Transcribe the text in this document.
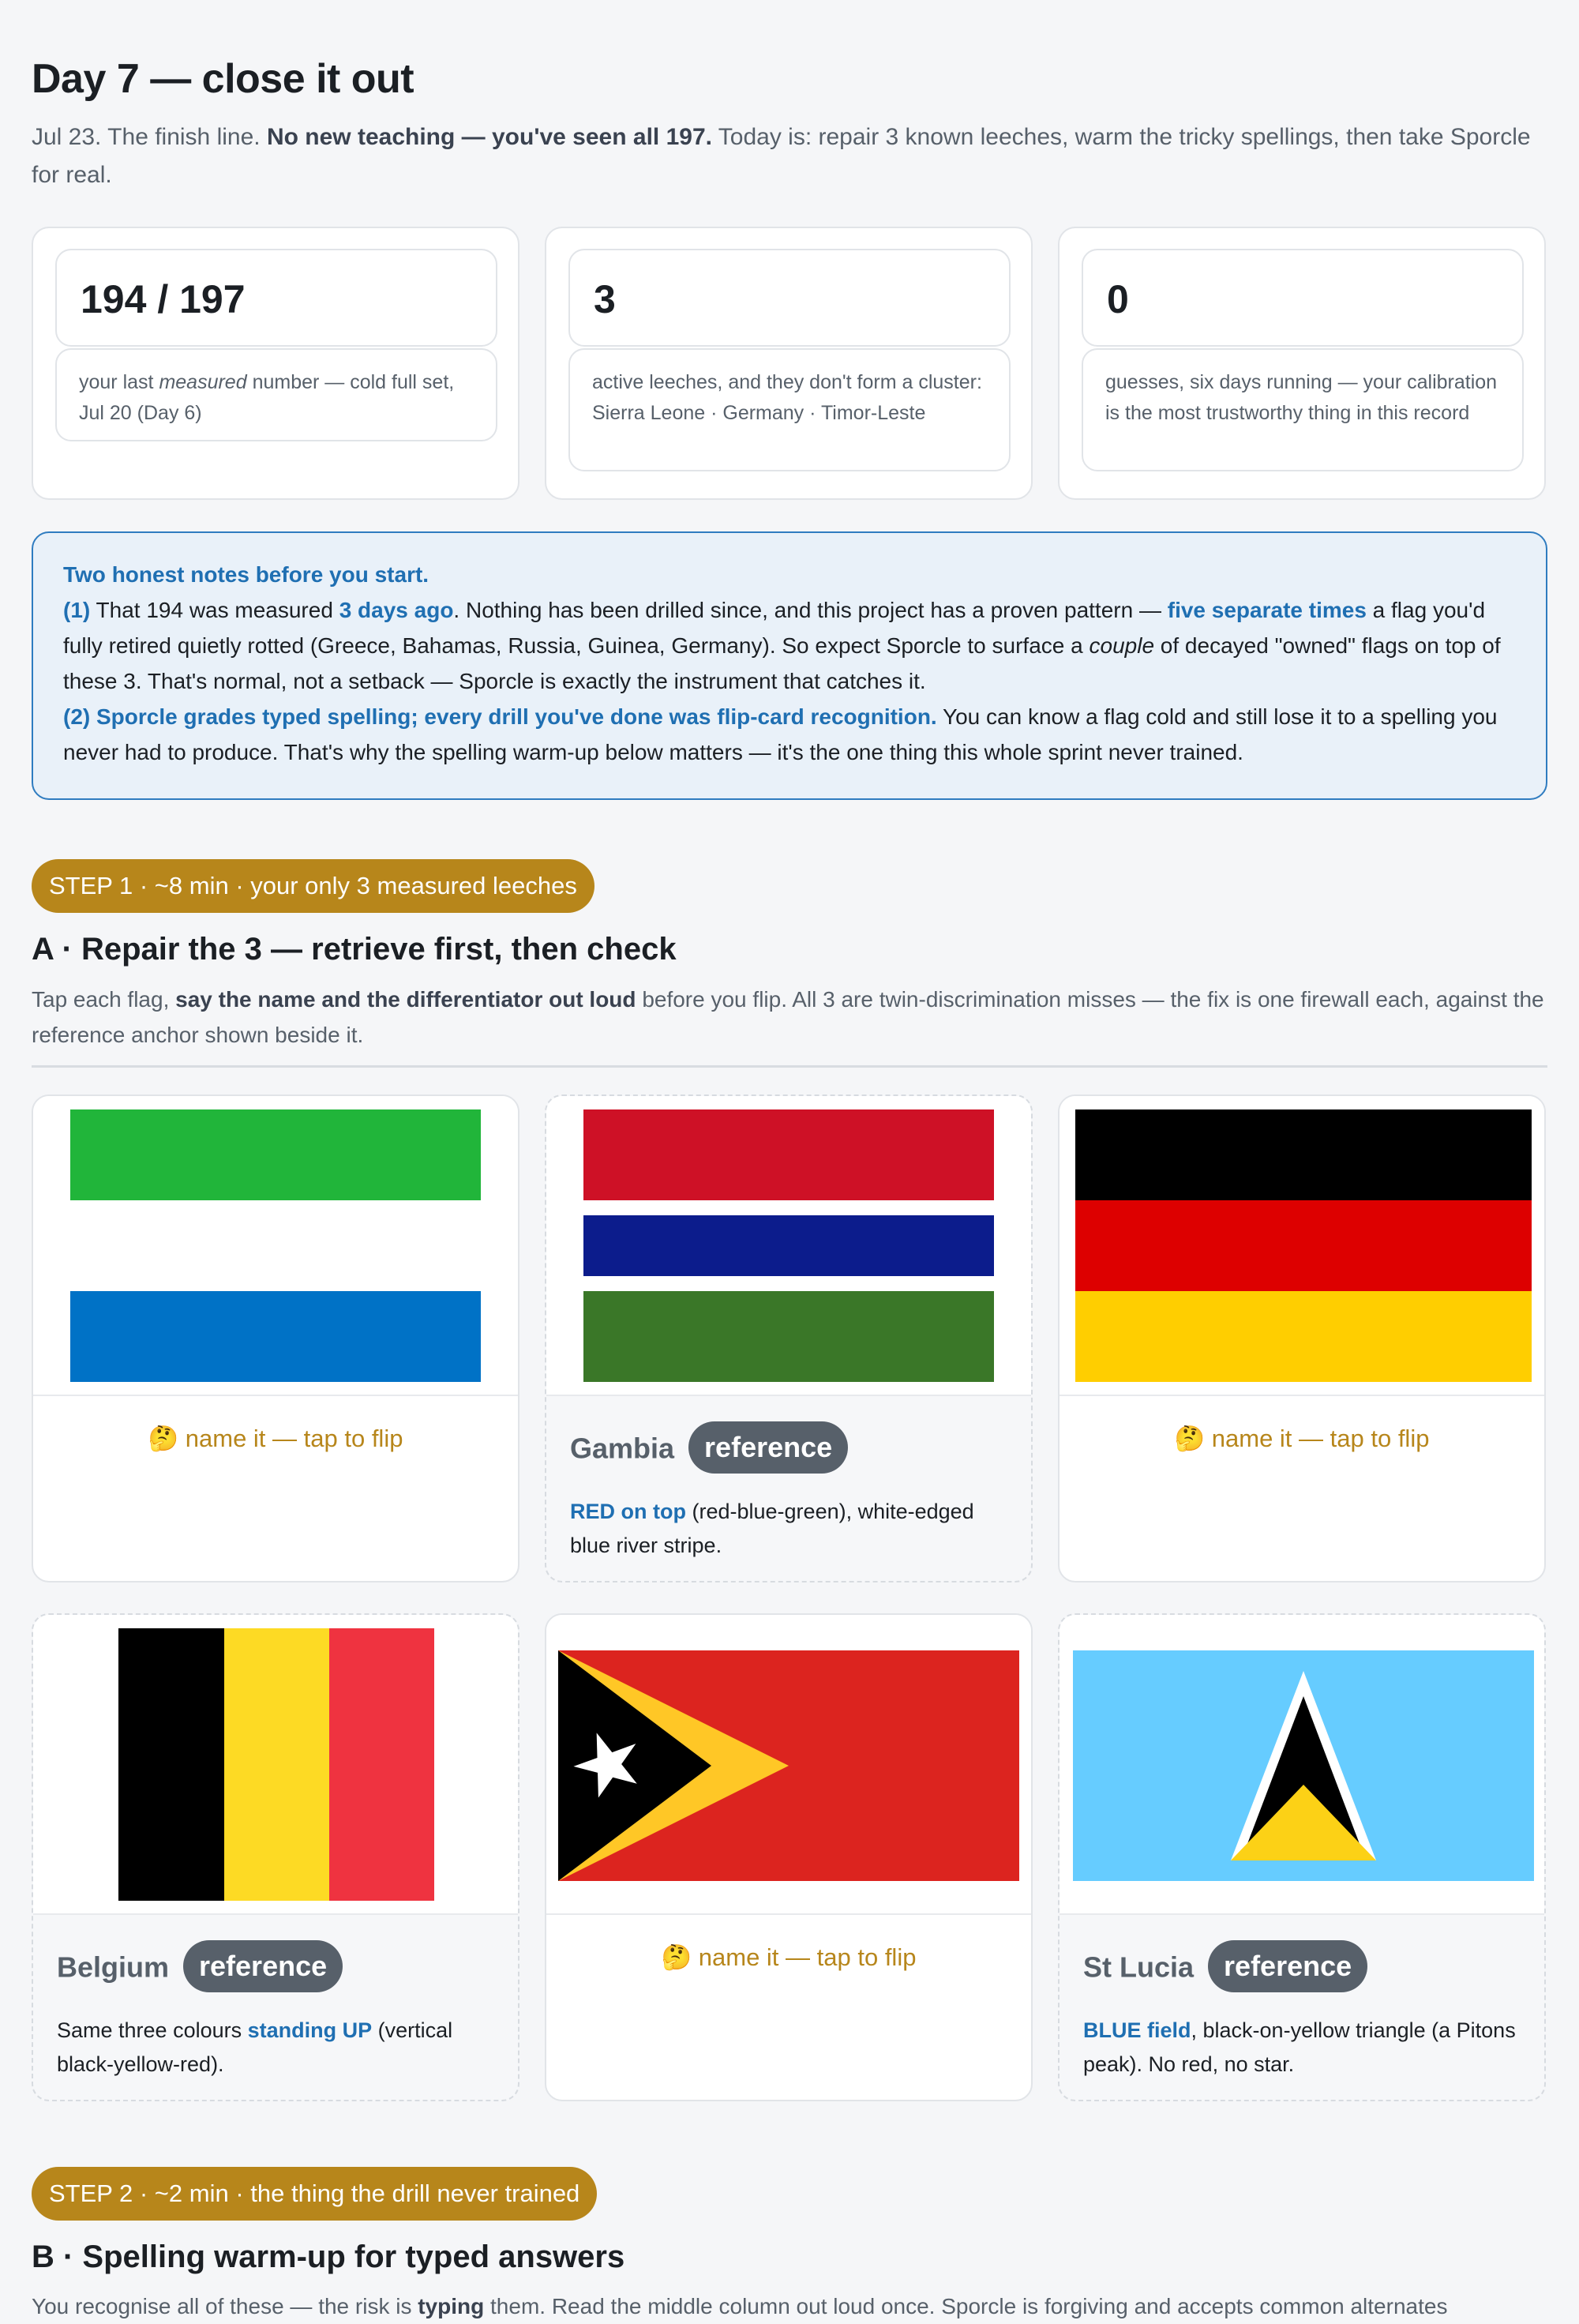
Day 7 — close it out
Jul 23. The finish line. No new teaching — you've seen all 197. Today is: repair 3 known leeches, warm the tricky spellings, then take Sporcle for real.
194 / 197
your last measured number — cold full set, Jul 20 (Day 6)
3
active leeches, and they don't form a cluster: Sierra Leone · Germany · Timor-Leste
0
guesses, six days running — your calibration is the most trustworthy thing in this record
Two honest notes before you start.
(1) That 194 was measured 3 days ago. Nothing has been drilled since, and this project has a proven pattern — five separate times a flag you'd fully retired quietly rotted (Greece, Bahamas, Russia, Guinea, Germany). So expect Sporcle to surface a couple of decayed "owned" flags on top of these 3. That's normal, not a setback — Sporcle is exactly the instrument that catches it.
(2) Sporcle grades typed spelling; every drill you've done was flip-card recognition. You can know a flag cold and still lose it to a spelling you never had to produce. That's why the spelling warm-up below matters — it's the one thing this whole sprint never trained.
STEP 1 · ~8 min · your only 3 measured leeches
A · Repair the 3 — retrieve first, then check
Tap each flag, say the name and the differentiator out loud before you flip. All 3 are twin-discrimination misses — the fix is one firewall each, against the reference anchor shown beside it.
🤔 name it — tap to flip	Gambia reference
RED on top (red-blue-green), white-edged blue river stripe.
🤔 name it — tap to flip
Belgium reference
Same three colours standing UP (vertical black-yellow-red).
🤔 name it — tap to flip	St Lucia reference
BLUE field, black-on-yellow triangle (a Pitons peak). No red, no star.
STEP 2 · ~2 min · the thing the drill never trained
B · Spelling warm-up for typed answers
You recognise all of these — the risk is typing them. Read the middle column out loud once. Sporcle is forgiving and accepts common alternates
